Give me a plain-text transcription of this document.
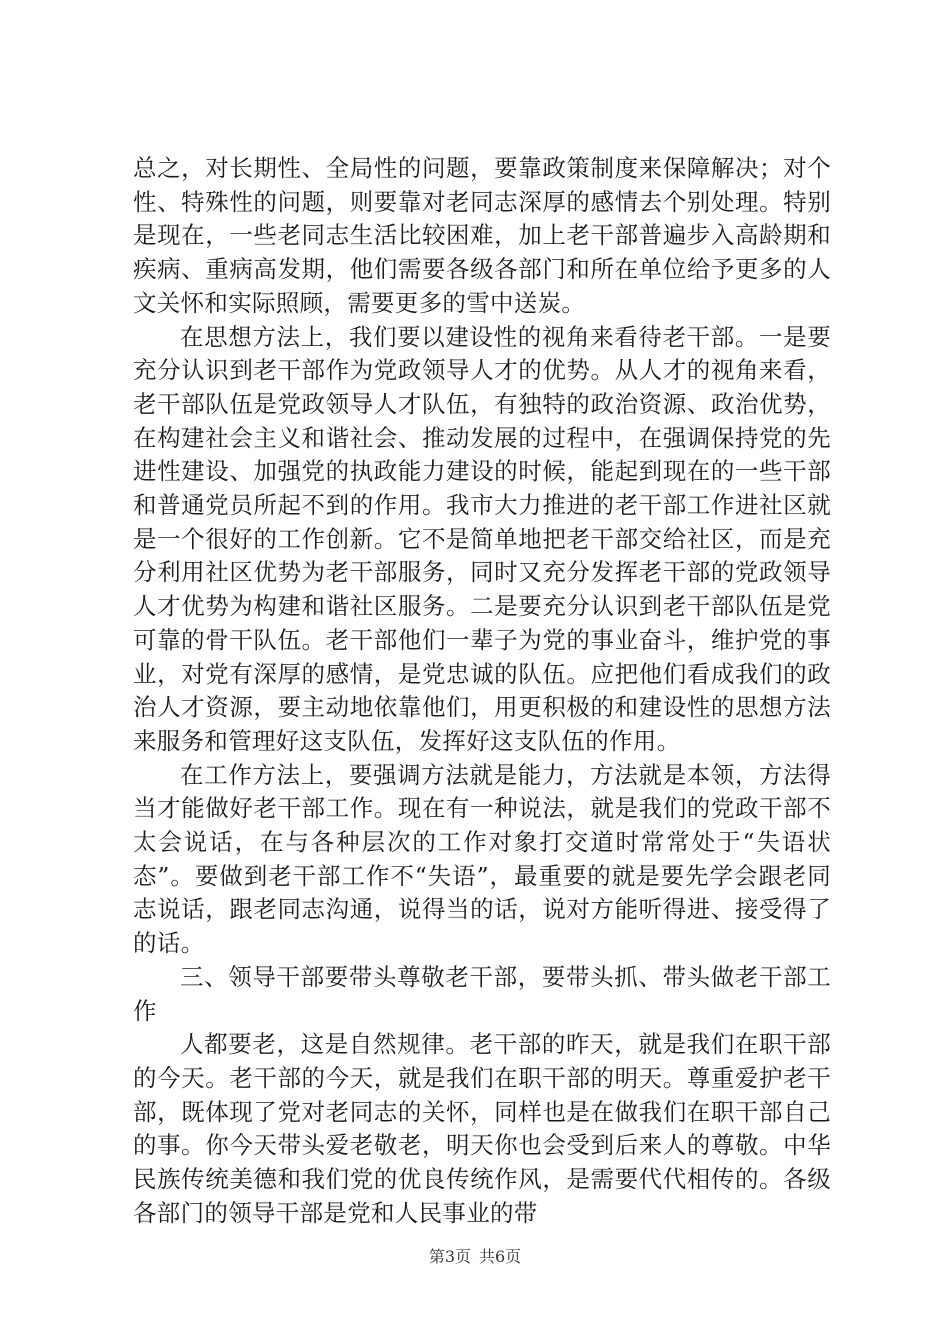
总之，对长期性、全局性的问题，要靠政策制度来保障解决；对个性、特殊性的问题，则要靠对老同志深厚的感情去个别处理。特别是现在，一些老同志生活比较困难，加上老干部普遍步入高龄期和疾病、重病高发期，他们需要各级各部门和所在单位给予更多的人文关怀和实际照顾，需要更多的雪中送炭。

在思想方法上，我们要以建设性的视角来看待老干部。一是要充分认识到老干部作为党政领导人才的优势。从人才的视角来看，老干部队伍是党政领导人才队伍，有独特的政治资源、政治优势，在构建社会主义和谐社会、推动发展的过程中，在强调保持党的先进性建设、加强党的执政能力建设的时候，能起到现在的一些干部和普通党员所起不到的作用。我市大力推进的老干部工作进社区就是一个很好的工作创新。它不是简单地把老干部交给社区，而是充分利用社区优势为老干部服务，同时又充分发挥老干部的党政领导人才优势为构建和谐社区服务。二是要充分认识到老干部队伍是党可靠的骨干队伍。老干部他们一辈子为党的事业奋斗，维护党的事业，对党有深厚的感情，是党忠诚的队伍。应把他们看成我们的政治人才资源，要主动地依靠他们，用更积极的和建设性的思想方法来服务和管理好这支队伍，发挥好这支队伍的作用。

在工作方法上，要强调方法就是能力，方法就是本领，方法得当才能做好老干部工作。现在有一种说法，就是我们的党政干部不太会说话，在与各种层次的工作对象打交道时常常处于“失语状态”。要做到老干部工作不“失语”，最重要的就是要先学会跟老同志说话，跟老同志沟通，说得当的话，说对方能听得进、接受得了的话。

三、领导干部要带头尊敬老干部，要带头抓、带头做老干部工作

人都要老，这是自然规律。老干部的昨天，就是我们在职干部的今天。老干部的今天，就是我们在职干部的明天。尊重爱护老干部，既体现了党对老同志的关怀，同样也是在做我们在职干部自己的事。你今天带头爱老敬老，明天你也会受到后来人的尊敬。中华民族传统美德和我们党的优良传统作风，是需要代代相传的。各级各部门的领导干部是党和人民事业的带

第3页 共6页
